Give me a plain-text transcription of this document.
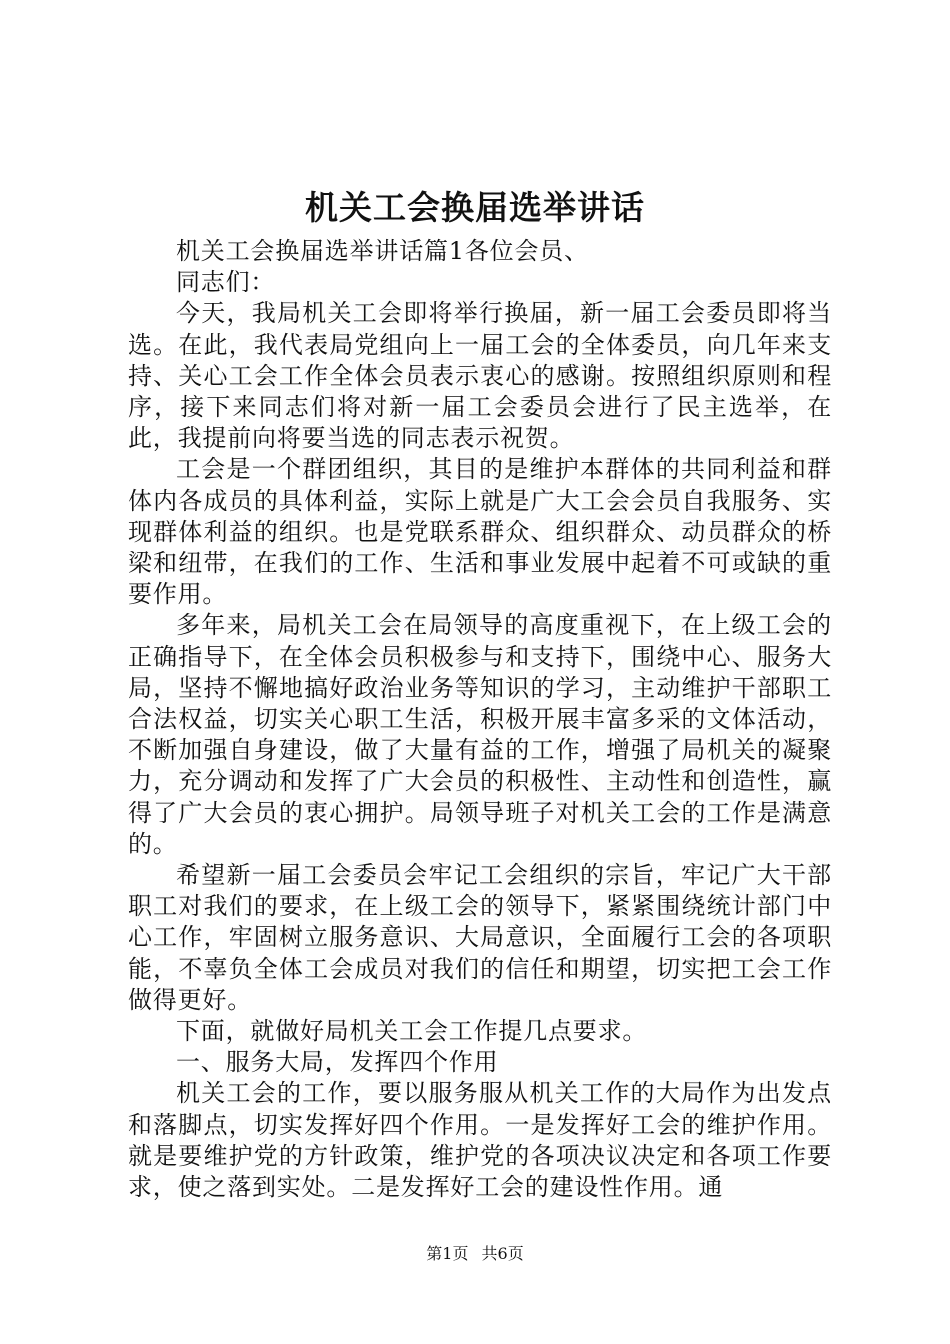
机关工会换届选举讲话

机关工会换届选举讲话篇1各位会员、

同志们：

今天，我局机关工会即将举行换届，新一届工会委员即将当选。在此，我代表局党组向上一届工会的全体委员，向几年来支持、关心工会工作全体会员表示衷心的感谢。按照组织原则和程序，接下来同志们将对新一届工会委员会进行了民主选举，在此，我提前向将要当选的同志表示祝贺。

工会是一个群团组织，其目的是维护本群体的共同利益和群体内各成员的具体利益，实际上就是广大工会会员自我服务、实现群体利益的组织。也是党联系群众、组织群众、动员群众的桥梁和纽带，在我们的工作、生活和事业发展中起着不可或缺的重要作用。

多年来，局机关工会在局领导的高度重视下，在上级工会的正确指导下，在全体会员积极参与和支持下，围绕中心、服务大局，坚持不懈地搞好政治业务等知识的学习，主动维护干部职工合法权益，切实关心职工生活，积极开展丰富多采的文体活动，不断加强自身建设，做了大量有益的工作，增强了局机关的凝聚力，充分调动和发挥了广大会员的积极性、主动性和创造性，赢得了广大会员的衷心拥护。局领导班子对机关工会的工作是满意的。

希望新一届工会委员会牢记工会组织的宗旨，牢记广大干部职工对我们的要求，在上级工会的领导下，紧紧围绕统计部门中心工作，牢固树立服务意识、大局意识，全面履行工会的各项职能，不辜负全体工会成员对我们的信任和期望，切实把工会工作做得更好。

下面，就做好局机关工会工作提几点要求。

一、服务大局，发挥四个作用

机关工会的工作，要以服务服从机关工作的大局作为出发点和落脚点，切实发挥好四个作用。一是发挥好工会的维护作用。就是要维护党的方针政策，维护党的各项决议决定和各项工作要求，使之落到实处。二是发挥好工会的建设性作用。通

第1页 共6页
